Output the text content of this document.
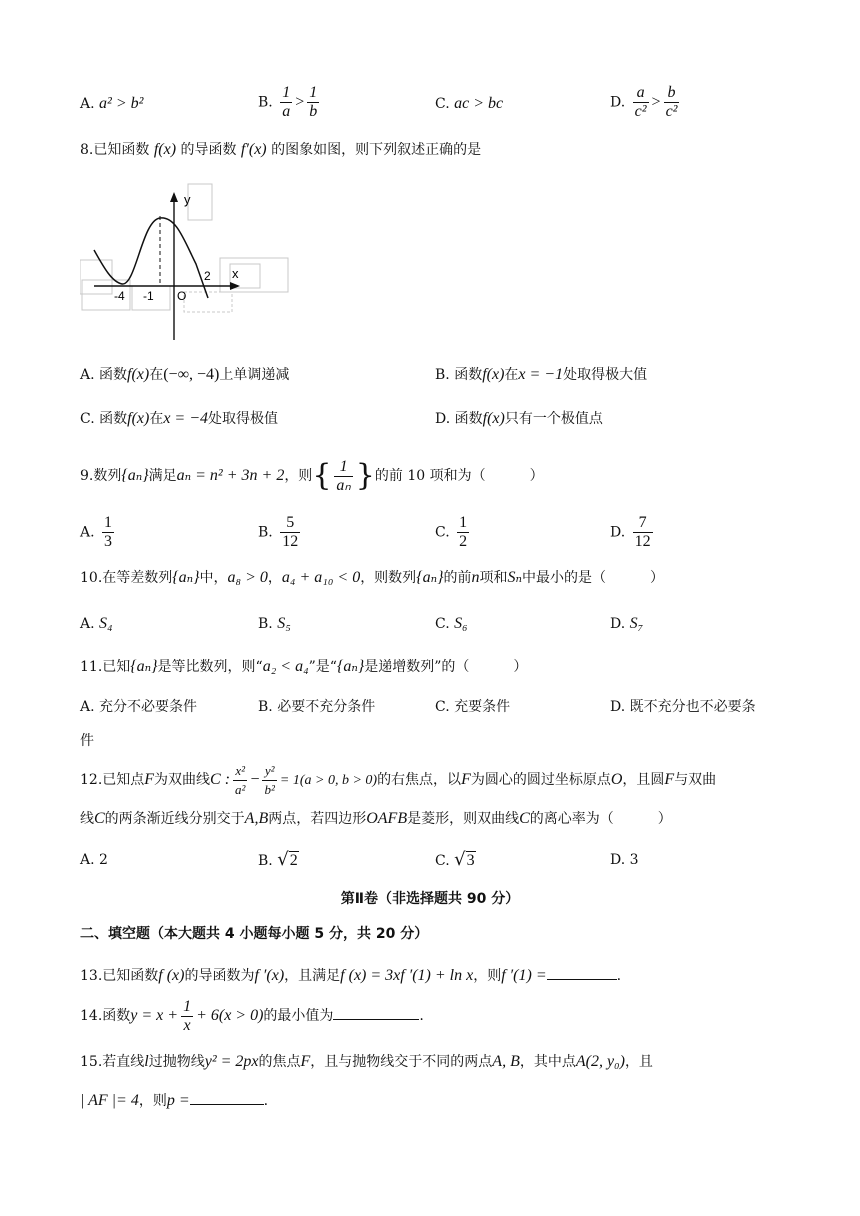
A. a² > b²	B. $\frac{1}{a} > \frac{1}{b}$	C. ac > bc	D. $\frac{a}{\text{c²}} > \frac{b}{\text{c²}}$
8.已知函数 f(x) 的导函数 f′(x) 的图象如图，则下列叙述正确的是
y
x
-4 -1 O
2
A. 函数f(x)在(−∞, −4)上单调递减	B. 函数f(x)在x = −1处取得极大值
C. 函数f(x)在x = −4处取得极值	D. 函数f(x)只有一个极值点
9.数列{aₙ}满足aₙ = n² + 3n + 2，则{ $\frac{1}{\text{aₙ}}$ }的前 10 项和为（	）
A. $\frac{1}{3}$	B. $\frac{5}{12}$	C. $\frac{1}{2}$	D. $\frac{7}{12}$
10.在等差数列{aₙ}中，a₈ > 0，a₄ + a₁₀ < 0，则数列{aₙ}的前n项和Sₙ中最小的是（	）
A. S₄	B. S₅	C. S₆	D. S₇
11.已知{aₙ}是等比数列，则“a₂ < a₄”是“{aₙ}是递增数列”的（	）
A. 充分不必要条件	B. 必要不充分条件	C. 充要条件	D. 既不充分也不必要条
件
12.已知点F为双曲线C : $\frac{\text{x²}}{\text{a²}} - \frac{\text{y²}}{\text{b²}} = 1(a > 0$, b > 0)的右焦点，以F为圆心的圆过坐标原点O，且圆F与双曲
线C的两条渐近线分别交于A,B两点，若四边形OAFB是菱形，则双曲线C的离心率为（	）
A. 2	B. √2	C. √3	D. 3
第Ⅱ卷（非选择题共 90 分）
二、填空题（本大题共 4 小题每小题 5 分，共 20 分）
13.已知函数f (x)的导函数为f ′(x)，且满足f (x) = 3xf ′(1) + ln x，则f ′(1) =	.
14.函数$y = x + \frac{1}{x} + 6(x > 0)$的最小值为	.
15.若直线l过抛物线y² = 2px的焦点F，且与抛物线交于不同的两点A, B，其中点A(2, y₀)，且
| AF |= 4，则p =	.
